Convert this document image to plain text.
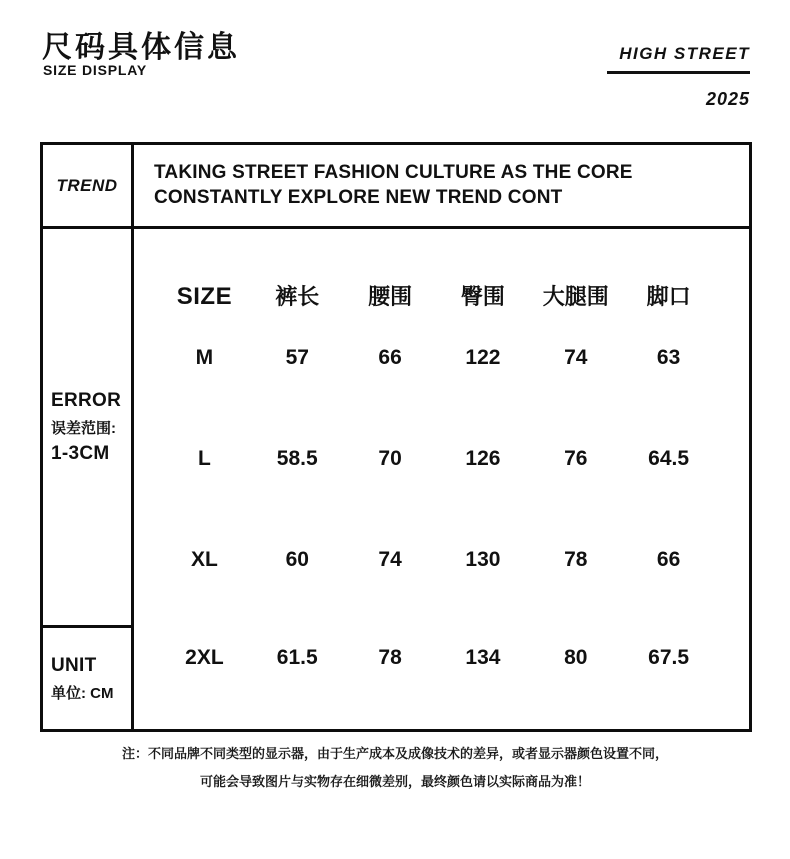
尺码具体信息
SIZE DISPLAY
HIGH STREET
2025
TREND
TAKING STREET FASHION CULTURE AS THE CORE
CONSTANTLY EXPLORE NEW TREND CONT
ERROR
误差范围:
1-3CM
UNIT
单位: CM
SIZE	裤长	腰围	臀围	大腿围	脚口
M	57	66	122	74	63
L	58.5	70	126	76	64.5
XL	60	74	130	78	66
2XL	61.5	78	134	80	67.5
注：不同品牌不同类型的显示器，由于生产成本及成像技术的差异，或者显示器颜色设置不同，
可能会导致图片与实物存在细微差别，最终颜色请以实际商品为准！
